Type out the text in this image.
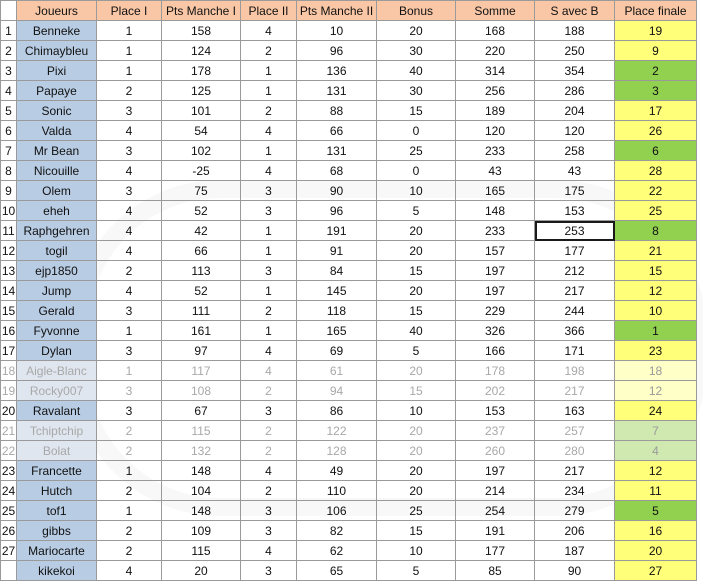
	Joueurs	Place I	Pts Manche I	Place II	Pts Manche II	Bonus	Somme	S avec B	Place finale
1	Benneke	1	158	4	10	20	168	188	19
2	Chimaybleu	1	124	2	96	30	220	250	9
3	Pixi	1	178	1	136	40	314	354	2
4	Papaye	2	125	1	131	30	256	286	3
5	Sonic	3	101	2	88	15	189	204	17
6	Valda	4	54	4	66	0	120	120	26
7	Mr Bean	3	102	1	131	25	233	258	6
8	Nicouille	4	-25	4	68	0	43	43	28
9	Olem	3	75	3	90	10	165	175	22
10	eheh	4	52	3	96	5	148	153	25
11	Raphgehren	4	42	1	191	20	233	253	8
12	togil	4	66	1	91	20	157	177	21
13	ejp1850	2	113	3	84	15	197	212	15
14	Jump	4	52	1	145	20	197	217	12
15	Gerald	3	111	2	118	15	229	244	10
16	Fyvonne	1	161	1	165	40	326	366	1
17	Dylan	3	97	4	69	5	166	171	23
18	Aigle-Blanc	1	117	4	61	20	178	198	18
19	Rocky007	3	108	2	94	15	202	217	12
20	Ravalant	3	67	3	86	10	153	163	24
21	Tchiptchip	2	115	2	122	20	237	257	7
22	Bolat	2	132	2	128	20	260	280	4
23	Francette	1	148	4	49	20	197	217	12
24	Hutch	2	104	2	110	20	214	234	11
25	tof1	1	148	3	106	25	254	279	5
26	gibbs	2	109	3	82	15	191	206	16
27	Mariocarte	2	115	4	62	10	177	187	20
	kikekoi	4	20	3	65	5	85	90	27
